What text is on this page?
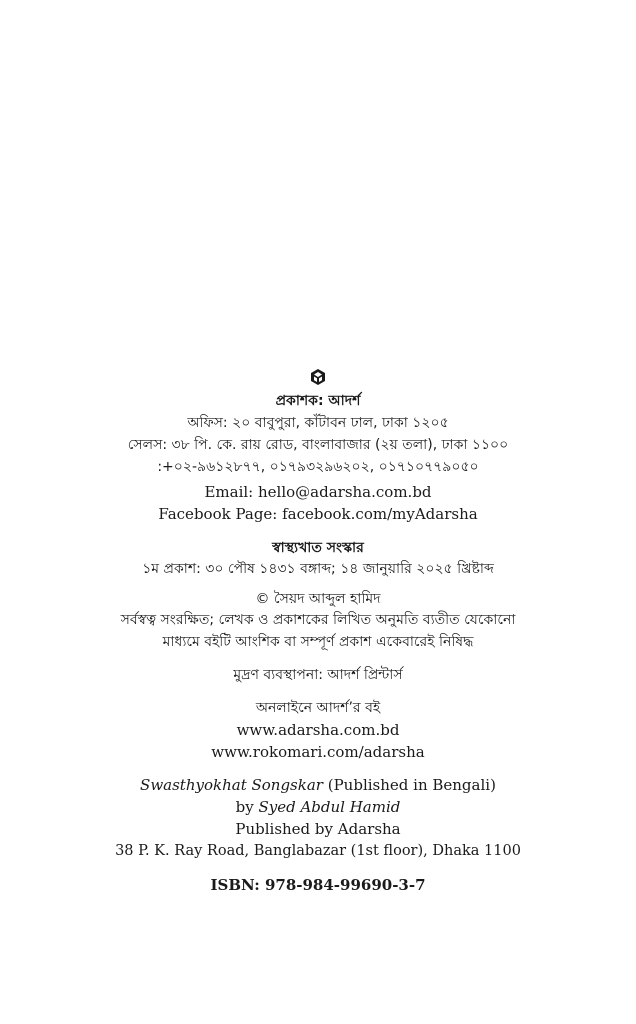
প্রকাশক: আদর্শ
অফিস: ২০ বাবুপুরা, কাঁটাবন ঢাল, ঢাকা ১২০৫
সেলস: ৩৮ পি. কে. রায় রোড, বাংলাবাজার (২য় তলা), ঢাকা ১১০০
:+০২-৯৬১২৮৭৭, ০১৭৯৩২৯৬২০২, ০১৭১০৭৭৯০৫০
Email: hello@adarsha.com.bd
Facebook Page: facebook.com/myAdarsha
স্বাস্থ্যখাত সংস্কার
১ম প্রকাশ: ৩০ পৌষ ১৪৩১ বঙ্গাব্দ; ১৪ জানুয়ারি ২০২৫ খ্রিষ্টাব্দ
© সৈয়দ আব্দুল হামিদ
সর্বস্বত্ব সংরক্ষিত; লেখক ও প্রকাশকের লিখিত অনুমতি ব্যতীত যেকোনো
মাধ্যমে বইটি আংশিক বা সম্পূর্ণ প্রকাশ একেবারেই নিষিদ্ধ
মুদ্রণ ব্যবস্থাপনা: আদর্শ প্রিন্টার্স
অনলাইনে আদর্শ’র বই
www.adarsha.com.bd
www.rokomari.com/adarsha
Swasthyokhat Songskar (Published in Bengali)
by Syed Abdul Hamid
Published by Adarsha
38 P. K. Ray Road, Banglabazar (1st floor), Dhaka 1100
ISBN: 978-984-99690-3-7
